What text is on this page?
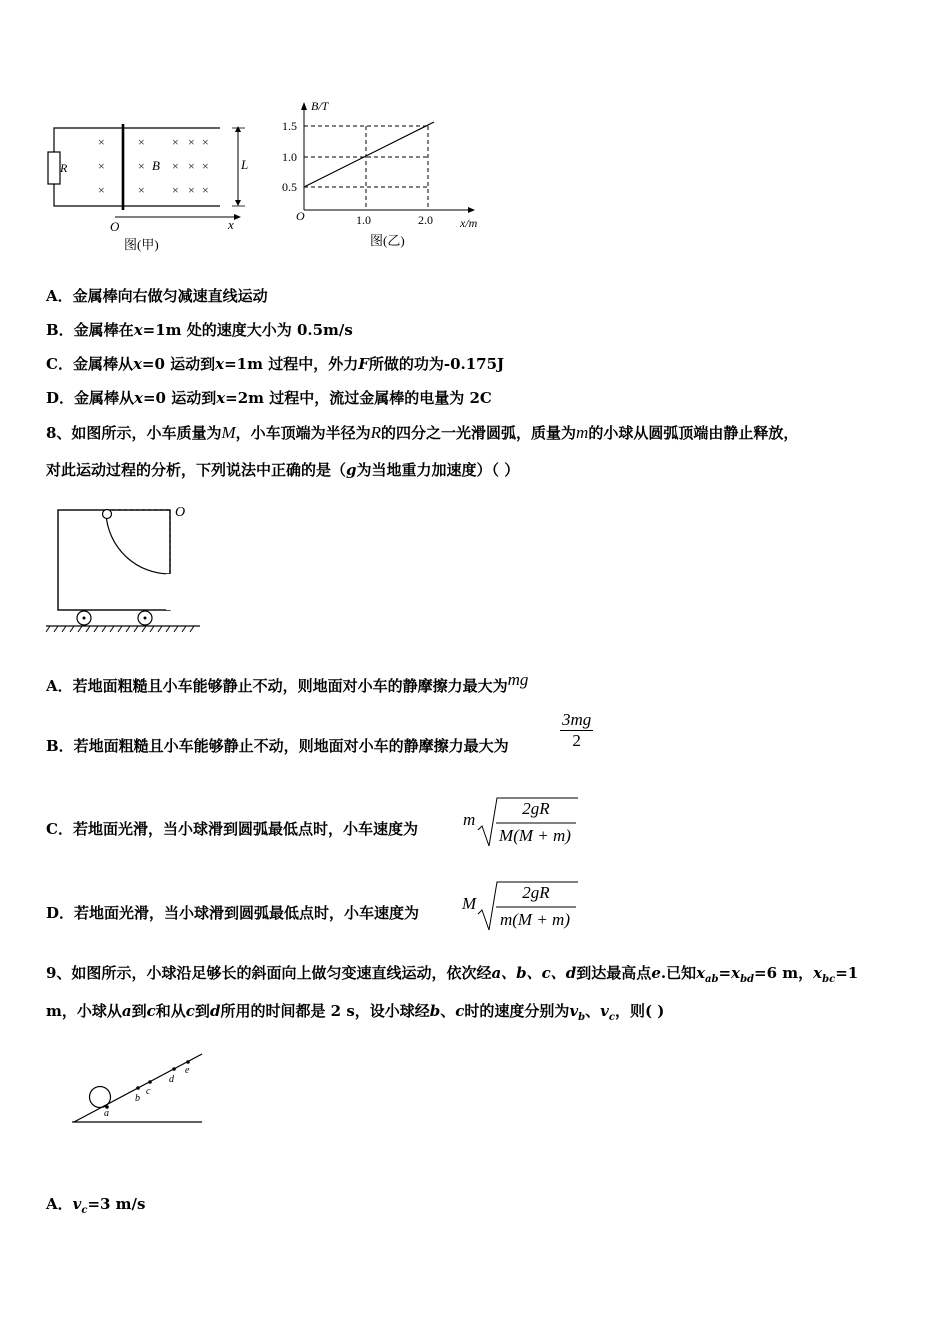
×
×
×
×
×
×
×
×
×
×
×
×
×
×
×
R	B	L
O	x
图(甲)
B/T
x/m
O
1.5
1.0
0.5
1.0	2.0
图(乙)
A．金属棒向右做匀减速直线运动
B．金属棒在x=1m 处的速度大小为 0.5m/s
C．金属棒从x=0 运动到x=1m 过程中，外力F所做的功为-0.175J
D．金属棒从x=0 运动到x=2m 过程中，流过金属棒的电量为 2C
8、如图所示，小车质量为M，小车顶端为半径为R的四分之一光滑圆弧，质量为m的小球从圆弧顶端由静止释放，
对此运动过程的分析，下列说法中正确的是（g为当地重力加速度）（ ）
O
A．若地面粗糙且小车能够静止不动，则地面对小车的静摩擦力最大为mg
B．若地面粗糙且小车能够静止不动，则地面对小车的静摩擦力最大为	$\frac{3mg}{2}$
C．若地面光滑，当小球滑到圆弧最低点时，小车速度为	m
2gR
M(M + m)
D．若地面光滑，当小球滑到圆弧最低点时，小车速度为	M
2gR
m(M + m)
9、如图所示，小球沿足够长的斜面向上做匀变速直线运动，依次经a、b、c、d到达最高点e.已知$x_{ab}=x_{bd}=6$ m，$x_{bc}=1$
m，小球从a到c和从c到d所用的时间都是 2 s，设小球经b、c时的速度分别为$v_b$、$v_c$，则( )
a
b
c
d
e
A．$v_c=3$ m/s
